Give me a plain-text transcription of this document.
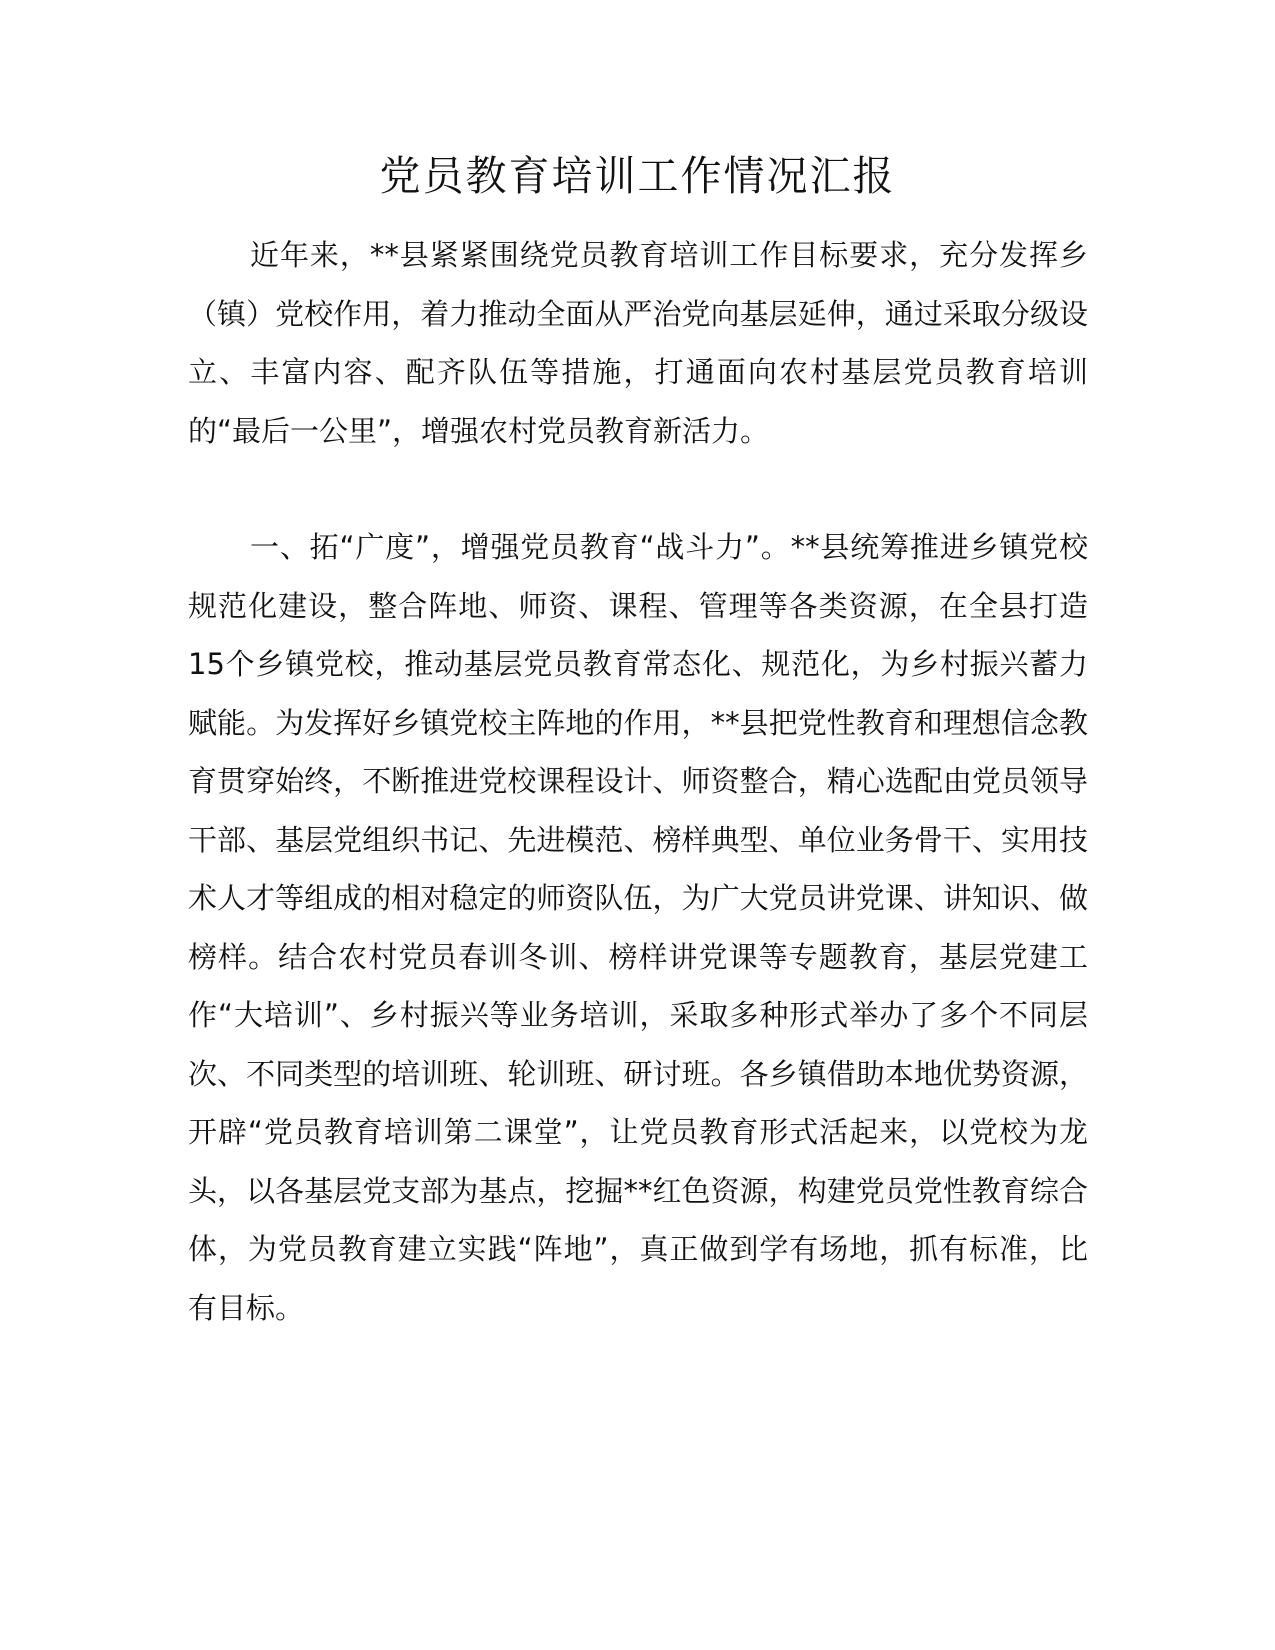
党员教育培训工作情况汇报

近年来，**县紧紧围绕党员教育培训工作目标要求，充分发挥乡（镇）党校作用，着力推动全面从严治党向基层延伸，通过采取分级设立、丰富内容、配齐队伍等措施，打通面向农村基层党员教育培训的“最后一公里”，增强农村党员教育新活力。

一、拓“广度”，增强党员教育“战斗力”。**县统筹推进乡镇党校规范化建设，整合阵地、师资、课程、管理等各类资源，在全县打造15个乡镇党校，推动基层党员教育常态化、规范化，为乡村振兴蓄力赋能。为发挥好乡镇党校主阵地的作用，**县把党性教育和理想信念教育贯穿始终，不断推进党校课程设计、师资整合，精心选配由党员领导干部、基层党组织书记、先进模范、榜样典型、单位业务骨干、实用技术人才等组成的相对稳定的师资队伍，为广大党员讲党课、讲知识、做榜样。结合农村党员春训冬训、榜样讲党课等专题教育，基层党建工作“大培训”、乡村振兴等业务培训，采取多种形式举办了多个不同层次、不同类型的培训班、轮训班、研讨班。各乡镇借助本地优势资源，开辟“党员教育培训第二课堂”，让党员教育形式活起来，以党校为龙头，以各基层党支部为基点，挖掘**红色资源，构建党员党性教育综合体，为党员教育建立实践“阵地”，真正做到学有场地，抓有标准，比有目标。
